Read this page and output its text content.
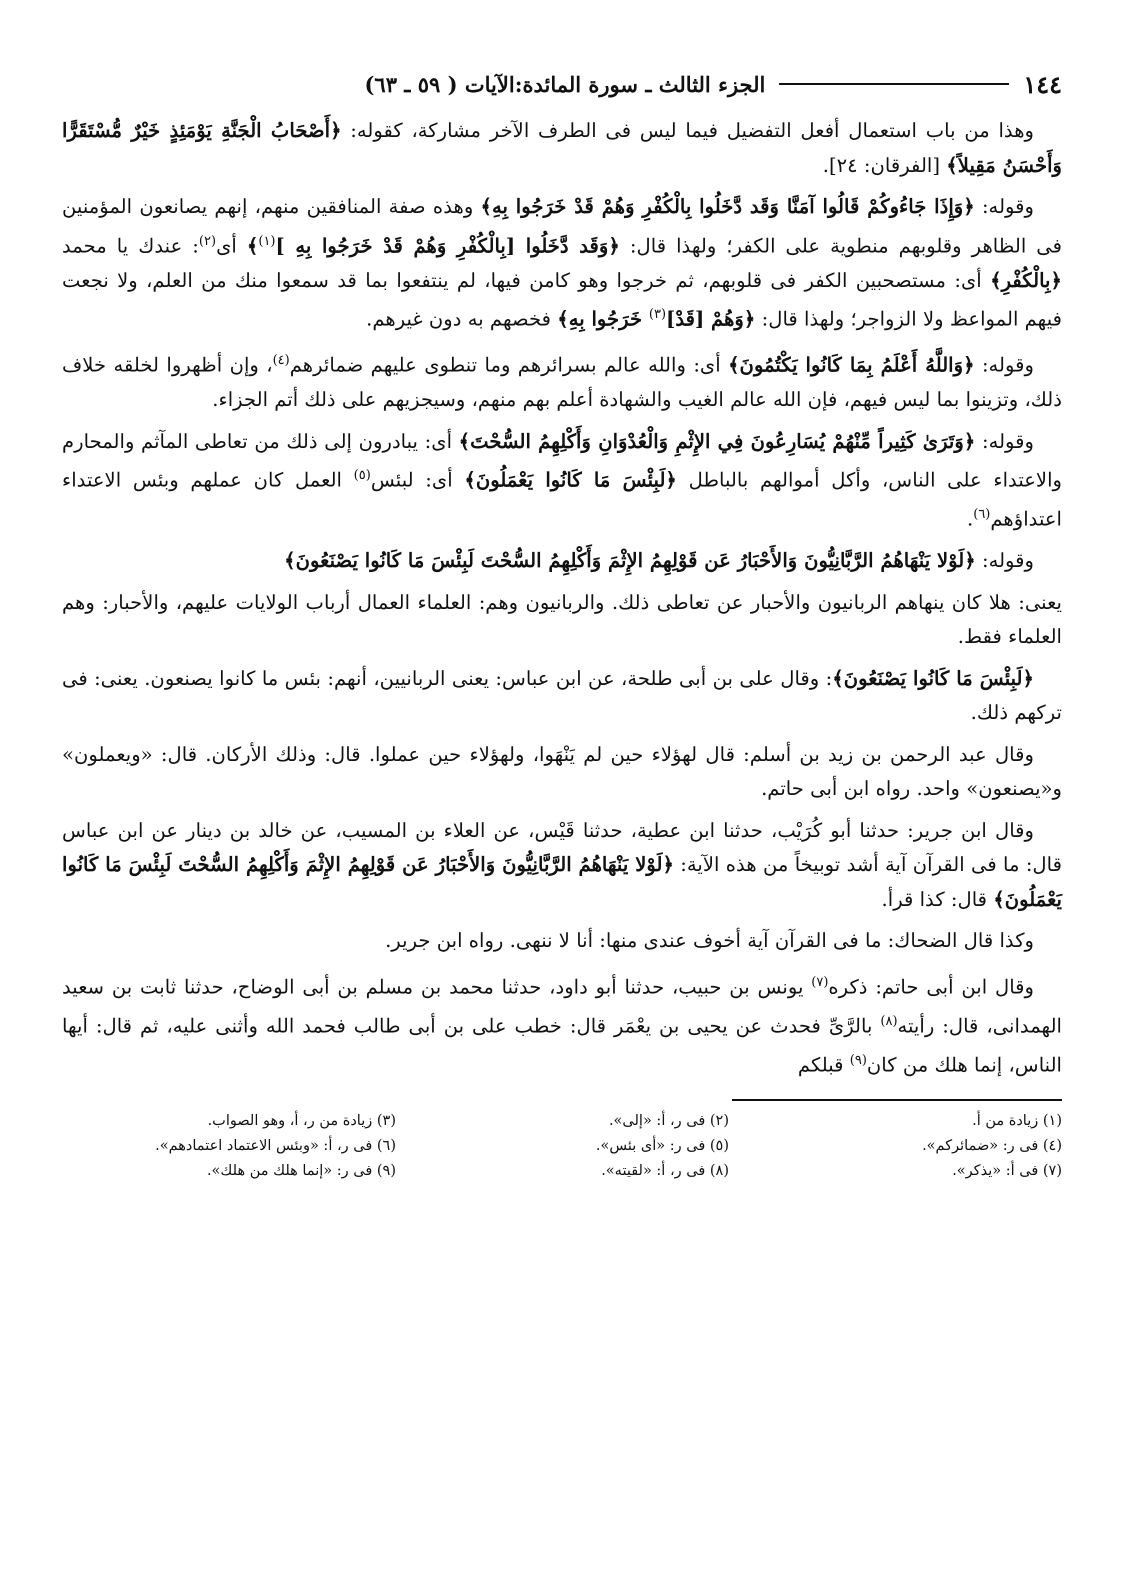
١٤٤
الجزء الثالث ـ سورة المائدة:الآيات ( ٥٩ ـ ٦٣)

وهذا من باب استعمال أفعل التفضيل فيما ليس فى الطرف الآخر مشاركة، كقوله: ﴿أَصْحَابُ الْجَنَّةِ يَوْمَئِذٍ خَيْرٌ مُّسْتَقَرًّا وَأَحْسَنُ مَقِيلاً﴾ [الفرقان: ٢٤].

وقوله: ﴿وَإِذَا جَاءُوكُمْ قَالُوا آمَنَّا وَقَد دَّخَلُوا بِالْكُفْرِ وَهُمْ قَدْ خَرَجُوا بِهِ﴾ وهذه صفة المنافقين منهم، إنهم يصانعون المؤمنين فى الظاهر وقلوبهم منطوية على الكفر؛ ولهذا قال: ﴿وَقَد دَّخَلُوا [بِالْكُفْرِ وَهُمْ قَدْ خَرَجُوا بِهِ ]$^{(١)}$﴾ أى$^{(٢)}$: عندك يا محمد ﴿بِالْكُفْرِ﴾ أى: مستصحبين الكفر فى قلوبهم، ثم خرجوا وهو كامن فيها، لم ينتفعوا بما قد سمعوا منك من العلم، ولا نجعت فيهم المواعظ ولا الزواجر؛ ولهذا قال: ﴿وَهُمْ [قَدْ]$^{(٣)}$ خَرَجُوا بِهِ﴾ فخصهم به دون غيرهم.

وقوله: ﴿وَاللَّهُ أَعْلَمُ بِمَا كَانُوا يَكْتُمُونَ﴾ أى: والله عالم بسرائرهم وما تنطوى عليهم ضمائرهم$^{(٤)}$، وإن أظهروا لخلقه خلاف ذلك، وتزينوا بما ليس فيهم، فإن الله عالم الغيب والشهادة أعلم بهم منهم، وسيجزيهم على ذلك أتم الجزاء.

وقوله: ﴿وَتَرَىٰ كَثِيراً مِّنْهُمْ يُسَارِعُونَ فِي الإِثْمِ وَالْعُدْوَانِ وَأَكْلِهِمُ السُّحْتَ﴾ أى: يبادرون إلى ذلك من تعاطى المآثم والمحارم والاعتداء على الناس، وأكل أموالهم بالباطل ﴿لَبِئْسَ مَا كَانُوا يَعْمَلُونَ﴾ أى: لبئس$^{(٥)}$ العمل كان عملهم وبئس الاعتداء اعتداؤهم$^{(٦)}$.

وقوله: ﴿لَوْلا يَنْهَاهُمُ الرَّبَّانِيُّونَ وَالأَحْبَارُ عَن قَوْلِهِمُ الإِثْمَ وَأَكْلِهِمُ السُّحْتَ لَبِئْسَ مَا كَانُوا يَصْنَعُونَ﴾

يعنى: هلا كان ينهاهم الربانيون والأحبار عن تعاطى ذلك. والربانيون وهم: العلماء العمال أرباب الولايات عليهم، والأحبار: وهم العلماء فقط.

﴿لَبِئْسَ مَا كَانُوا يَصْنَعُونَ﴾: وقال على بن أبى طلحة، عن ابن عباس: يعنى الربانيين، أنهم: بئس ما كانوا يصنعون. يعنى: فى تركهم ذلك.

وقال عبد الرحمن بن زيد بن أسلم: قال لهؤلاء حين لم يَنْهَوا، ولهؤلاء حين عملوا. قال: وذلك الأركان. قال: «ويعملون» و«يصنعون» واحد. رواه ابن أبى حاتم.

وقال ابن جرير: حدثنا أبو كُرَيْب، حدثنا ابن عطية، حدثنا قَيْس، عن العلاء بن المسيب، عن خالد بن دينار عن ابن عباس قال: ما فى القرآن آية أشد توبيخاً من هذه الآية: ﴿لَوْلا يَنْهَاهُمُ الرَّبَّانِيُّونَ وَالأَحْبَارُ عَن قَوْلِهِمُ الإِثْمَ وَأَكْلِهِمُ السُّحْتَ لَبِئْسَ مَا كَانُوا يَعْمَلُونَ﴾ قال: كذا قرأ.

وكذا قال الضحاك: ما فى القرآن آية أخوف عندى منها: أنا لا ننهى. رواه ابن جرير.

وقال ابن أبى حاتم: ذكره$^{(٧)}$ يونس بن حبيب، حدثنا أبو داود، حدثنا محمد بن مسلم بن أبى الوضاح، حدثنا ثابت بن سعيد الهمدانى، قال: رأيته$^{(٨)}$ بالرَّىِّ فحدث عن يحيى بن يعْمَر قال: خطب على بن أبى طالب فحمد الله وأثنى عليه، ثم قال: أيها الناس، إنما هلك من كان$^{(٩)}$ قبلكم

(١) زيادة من أ.
(٢) فى ر، أ: «إلى».
(٣) زيادة من ر، أ، وهو الصواب.
(٤) فى ر: «ضمائركم».
(٥) فى ر: «أى بئس».
(٦) فى ر، أ: «وبئس الاعتماد اعتمادهم».
(٧) فى أ: «يذكر».
(٨) فى ر، أ: «لقيته».
(٩) فى ر: «إنما هلك من هلك».
